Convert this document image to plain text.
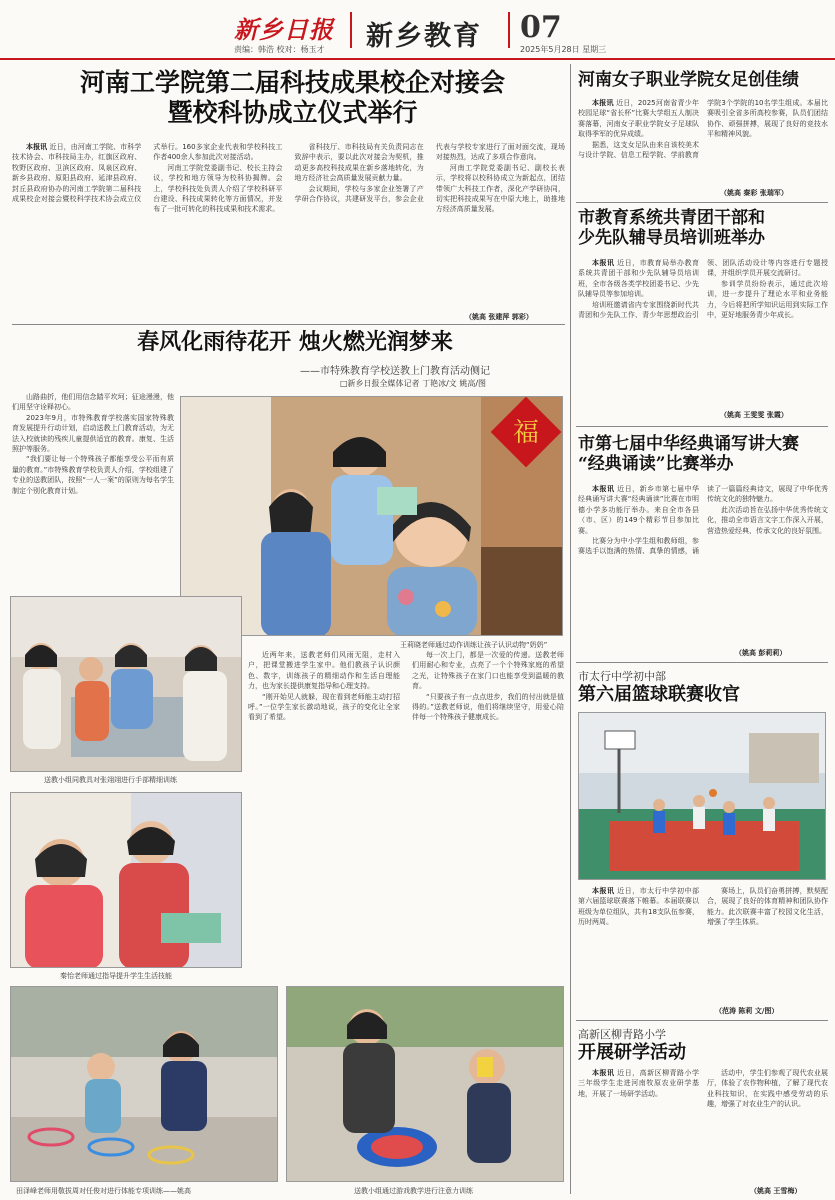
新乡日报
责编：韩浩 校对：杨玉才 新乡教育 07
2025年5月28日 星期三
河南工学院第二届科技成果校企对接会
暨校科协成立仪式举行
本报讯 近日，由河南工学院、市科学技术协会、市科技局主办，红旗区政府、牧野区政府、卫滨区政府、凤泉区政府、新乡县政府、原阳县政府、延津县政府、封丘县政府协办的河南工学院第二届科技成果校企对接会暨校科学技术协会成立仪式举行。160多家企业代表和学校科技工作者400余人参加此次对接活动。
河南工学院党委副书记、校长主持会议，学校和地方领导为校科协揭牌。会上，学校科技处负责人介绍了学校科研平台建设、科技成果转化等方面情况，并发布了一批可转化的科技成果和技术需求。
省科技厅、市科技局有关负责同志在致辞中表示，要以此次对接会为契机，推动更多高校科技成果在新乡落地转化，为地方经济社会高质量发展贡献力量。
会议期间，学校与多家企业签署了产学研合作协议，共建研发平台，参会企业代表与学校专家进行了面对面交流，现场对接热烈，达成了多项合作意向。
河南工学院党委副书记、副校长表示，学校将以校科协成立为新起点，团结带领广大科技工作者，深化产学研协同，切实把科技成果写在中原大地上，助推地方经济高质量发展。
（姚高 张建萍 郭彩）
春风化雨待花开 烛火燃光润梦来
——市特殊教育学校送教上门教育活动侧记
□新乡日报全媒体记者 丁艳冰/文 姚高/图
山路曲折，他们用信念踏平坎坷；征途漫漫，他们用坚守诠释初心。
2023年9月，市特殊教育学校落实国家特殊教育发展提升行动计划，启动送教上门教育活动，为无法入校就读的残疾儿童提供适宜的教育。康复、生活照护等服务。
“我们要让每一个特殊孩子都能享受公平而有质量的教育。”市特殊教育学校负责人介绍，学校组建了专业的送教团队，按照“一人一案”的原则为每名学生制定个别化教育计划。
福
王莉晓老师通过动作训练让孩子认识动物“奶奶”
送教小组同教具对张翊翊进行手部精细训练
近两年来，送教老师们风雨无阻，走村入户，把课堂搬进学生家中。他们教孩子认识颜色、数字，训练孩子的精细动作和生活自理能力，也为家长提供康复指导和心理支持。
“刚开始见人就躲，现在看到老师能主动打招呼。”一位学生家长激动地说，孩子的变化让全家看到了希望。
每一次上门，都是一次爱的传递。送教老师们用耐心和专业，点亮了一个个特殊家庭的希望之光，让特殊孩子在家门口也能享受到温暖的教育。
“只要孩子有一点点进步，我们的付出就是值得的。”送教老师说，他们将继续坚守，用爱心陪伴每一个特殊孩子健康成长。
秦怡老师通过指导提升学生生活技能
田泽峰老师用敬拔周对任俊对进行体能专项训练——姚高	送教小组通过游戏教学进行注意力训练
河南女子职业学院女足创佳绩
本报讯 近日，2025河南省青少年校园足球“省长杯”比赛大学组五人制决赛落幕，河南女子职业学院女子足球队取得季军的优异成绩。
据悉，这支女足队由来自该校美术与设计学院、信息工程学院、学前教育学院3个学院的10名学生组成。本届比赛吸引全省多所高校参赛，队员们团结协作、顽强拼搏，展现了良好的竞技水平和精神风貌。
（姚高 秦彩 张瑞军）
市教育系统共青团干部和
少先队辅导员培训班举办
本报讯 近日，市教育局举办教育系统共青团干部和少先队辅导员培训班，全市各级各类学校团委书记、少先队辅导员等参加培训。
培训班邀请省内专家围绕新时代共青团和少先队工作、青少年思想政治引领、团队活动设计等内容进行专题授课，并组织学员开展交流研讨。
参训学员纷纷表示，通过此次培训，进一步提升了理论水平和业务能力，今后将把所学知识运用到实际工作中，更好地服务青少年成长。
（姚高 王雯雯 张霞）
市第七届中华经典诵写讲大赛
“经典诵读”比赛举办
本报讯 近日，新乡市第七届中华经典诵写讲大赛“经典诵读”比赛在市明德小学多功能厅举办。来自全市各县（市、区）的149个精彩节目参加比赛。
比赛分为中小学生组和教师组，参赛选手以饱满的热情、真挚的情感，诵读了一篇篇经典诗文，展现了中华优秀传统文化的独特魅力。
此次活动旨在弘扬中华优秀传统文化，推动全市语言文字工作深入开展，营造热爱经典、传承文化的良好氛围。
（姚高 彭莉莉）
市太行中学初中部
第六届篮球联赛收官
本报讯 近日，市太行中学初中部第六届篮球联赛落下帷幕。本届联赛以班级为单位组队，共有18支队伍参赛，历时两周。
赛场上，队员们奋勇拼搏，默契配合，展现了良好的体育精神和团队协作能力。此次联赛丰富了校园文化生活，增强了学生体质。
（范涛 陈莉 文/图）
高新区柳青路小学
开展研学活动
本报讯 近日，高新区柳青路小学三年级学生走进河南牧原农业研学基地，开展了一场研学活动。
活动中，学生们参观了现代农业展厅，体验了农作物种植，了解了现代农业科技知识，在实践中感受劳动的乐趣，增强了对农业生产的认识。
（姚高 王雪梅）
